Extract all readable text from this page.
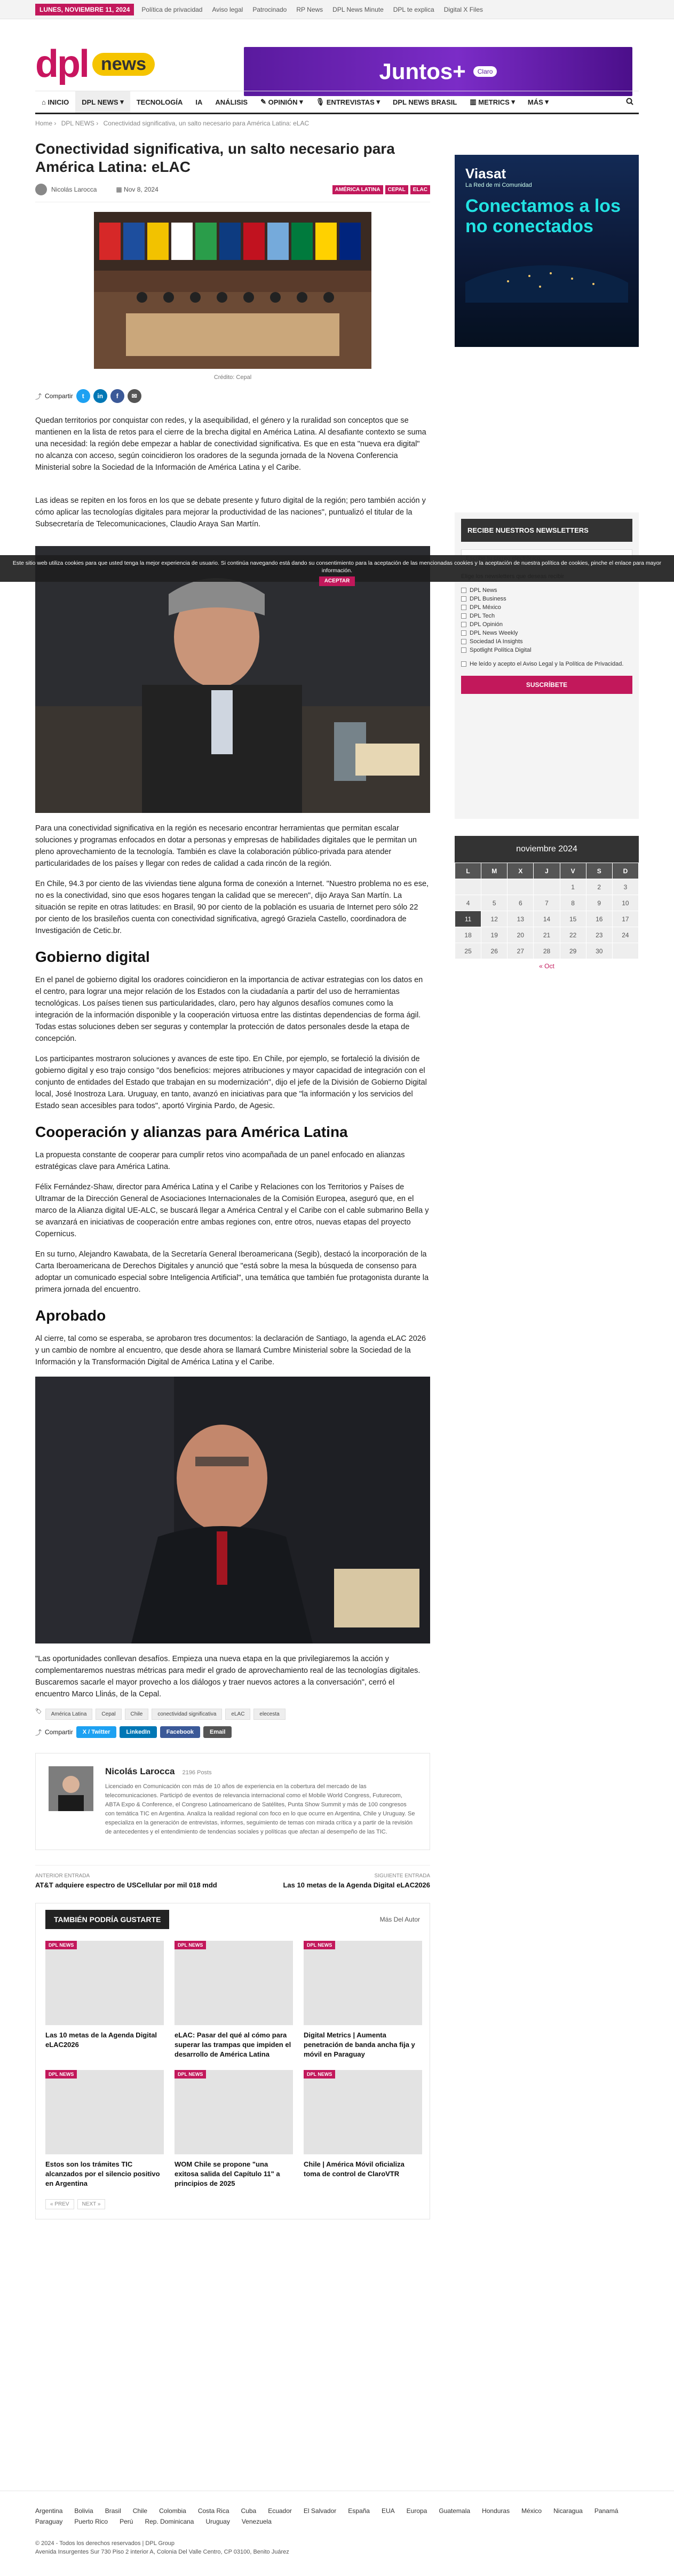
LUNES, NOVIEMBRE 11, 2024	Política de privacidad Aviso legal Patrocinado RP News DPL News Minute DPL te explica Digital X Files
dpl news	Juntos+	Claro
⌂ INICIO DPL NEWS ▾ TECNOLOGÍA IA ANÁLISIS ✎ OPINIÓN ▾ 🎙 ENTREVISTAS ▾ DPL NEWS BRASIL ▥ METRICS ▾ MÁS ▾
Home › DPL NEWS › Conectividad significativa, un salto necesario para América Latina: eLAC
Conectividad significativa, un salto necesario para América Latina: eLAC
Nicolás Larocca	▦ Nov 8, 2024	AMÉRICA LATINA	CEPAL	ELAC
Crédito: Cepal
⤴ Compartir	t	in	f	✉

Quedan territorios por conquistar con redes, y la asequibilidad, el género y la ruralidad son conceptos que se mantienen en la lista de retos para el cierre de la brecha digital en América Latina. Al desafiante contexto se suma una necesidad: la región debe empezar a hablar de conectividad significativa. Es que en esta "nueva era digital" no alcanza con acceso, según coincidieron los oradores de la segunda jornada de la Novena Conferencia Ministerial sobre la Sociedad de la Información de América Latina y el Caribe.

Las ideas se repiten en los foros en los que se debate presente y futuro digital de la región; pero también acción y cómo aplicar las tecnologías digitales para mejorar la productividad de las naciones", puntualizó el titular de la Subsecretaría de Telecomunicaciones, Claudio Araya San Martín.

Para una conectividad significativa en la región es necesario encontrar herramientas que permitan escalar soluciones y programas enfocados en dotar a personas y empresas de habilidades digitales que le permitan un pleno aprovechamiento de la tecnología. También es clave la colaboración público-privada para atender particularidades de los países y llegar con redes de calidad a cada rincón de la región.

En Chile, 94.3 por ciento de las viviendas tiene alguna forma de conexión a Internet. "Nuestro problema no es ese, no es la conectividad, sino que esos hogares tengan la calidad que se merecen", dijo Araya San Martín. La situación se repite en otras latitudes: en Brasil, 90 por ciento de la población es usuaria de Internet pero sólo 22 por ciento de los brasileños cuenta con conectividad significativa, agregó Graziela Castello, coordinadora de Investigación de Cetic.br.

Gobierno digital

En el panel de gobierno digital los oradores coincidieron en la importancia de activar estrategias con los datos en el centro, para lograr una mejor relación de los Estados con la ciudadanía a partir del uso de herramientas tecnológicas. Los países tienen sus particularidades, claro, pero hay algunos desafíos comunes como la integración de la información disponible y la cooperación virtuosa entre las distintas dependencias de forma ágil. Todas estas soluciones deben ser seguras y contemplar la protección de datos personales desde la etapa de concepción.

Los participantes mostraron soluciones y avances de este tipo. En Chile, por ejemplo, se fortaleció la división de gobierno digital y eso trajo consigo "dos beneficios: mejores atribuciones y mayor capacidad de integración con el conjunto de entidades del Estado que trabajan en su modernización", dijo el jefe de la División de Gobierno Digital local, José Inostroza Lara. Uruguay, en tanto, avanzó en iniciativas para que "la información y los servicios del Estado sean accesibles para todos", aportó Virginia Pardo, de Agesic.

Cooperación y alianzas para América Latina

La propuesta constante de cooperar para cumplir retos vino acompañada de un panel enfocado en alianzas estratégicas clave para América Latina.

Félix Fernández-Shaw, director para América Latina y el Caribe y Relaciones con los Territorios y Países de Ultramar de la Dirección General de Asociaciones Internacionales de la Comisión Europea, aseguró que, en el marco de la Alianza digital UE-ALC, se buscará llegar a América Central y el Caribe con el cable submarino Bella y se avanzará en iniciativas de cooperación entre ambas regiones con, entre otros, nuevas etapas del proyecto Copernicus.

En su turno, Alejandro Kawabata, de la Secretaría General Iberoamericana (Segib), destacó la incorporación de la Carta Iberoamericana de Derechos Digitales y anunció que "está sobre la mesa la búsqueda de consenso para adoptar un comunicado especial sobre Inteligencia Artificial", una temática que también fue protagonista durante la primera jornada del encuentro.

Aprobado

Al cierre, tal como se esperaba, se aprobaron tres documentos: la declaración de Santiago, la agenda eLAC 2026 y un cambio de nombre al encuentro, que desde ahora se llamará Cumbre Ministerial sobre la Sociedad de la Información y la Transformación Digital de América Latina y el Caribe.

"Las oportunidades conllevan desafíos. Empieza una nueva etapa en la que privilegiaremos la acción y complementaremos nuestras métricas para medir el grado de aprovechamiento real de las tecnologías digitales. Buscaremos sacarle el mayor provecho a los diálogos y traer nuevos actores a la conversación", cerró el encuentro Marco Llinás, de la Cepal.

🏷	América Latina	Cepal	Chile	conectividad significativa	eLAC	elecesta
⤴ Compartir	X / Twitter	LinkedIn	Facebook	Email
Nicolás Larocca 2196 Posts
Licenciado en Comunicación con más de 10 años de experiencia en la cobertura del mercado de las telecomunicaciones. Participó de eventos de relevancia internacional como el Mobile World Congress, Futurecom, ABTA Expo & Conference, el Congreso Latinoamericano de Satélites, Punta Show Summit y más de 100 congresos con temática TIC en Argentina. Analiza la realidad regional con foco en lo que ocurre en Argentina, Chile y Uruguay. Se especializa en la generación de entrevistas, informes, seguimiento de temas con mirada crítica y a partir de la revisión de antecedentes y el entendimiento de tendencias sociales y políticas que afectan al desempeño de las TIC.
ANTERIOR ENTRADA
AT&T adquiere espectro de USCellular por mil 018 mdd
SIGUIENTE ENTRADA
Las 10 metas de la Agenda Digital eLAC2026
TAMBIÉN PODRÍA GUSTARTE	Más Del Autor
DPL NEWS
Las 10 metas de la Agenda Digital eLAC2026
DPL NEWS
eLAC: Pasar del qué al cómo para superar las trampas que impiden el desarrollo de América Latina
DPL NEWS
Digital Metrics | Aumenta penetración de banda ancha fija y móvil en Paraguay
DPL NEWS
Estos son los trámites TIC alcanzados por el silencio positivo en Argentina
DPL NEWS
WOM Chile se propone "una exitosa salida del Capítulo 11" a principios de 2025
DPL NEWS
Chile | América Móvil oficializa toma de control de ClaroVTR
« PREV	NEXT »
Viasat
La Red de mi Comunidad
Conectamos a los no conectados
RECIBE NUESTROS NEWSLETTERS
DPL News
DPL Business
DPL México
DPL Tech
DPL Opinión
DPL News Weekly
Sociedad IA Insights
Spotlight Política Digital
He leído y acepto el Aviso Legal y la Política de Privacidad.
SUSCRÍBETE
noviembre 2024
L	M	X	J	V	S	D
				1	2	3
4	5	6	7	8	9	10
11	12	13	14	15	16	17
18	19	20	21	22	23	24
25	26	27	28	29	30	
« Oct
Este sitio web utiliza cookies para que usted tenga la mejor experiencia de usuario. Si continúa navegando está dando su consentimiento para la aceptación de las mencionadas cookies y la aceptación de nuestra política de cookies, pinche el enlace para mayor información.
ACEPTAR
Argentina Bolivia Brasil Chile Colombia Costa Rica Cuba Ecuador El Salvador España EUA Europa Guatemala Honduras México Nicaragua Panamá
Paraguay Puerto Rico Perú Rep. Dominicana Uruguay Venezuela
© 2024 - Todos los derechos reservados | DPL Group
Avenida Insurgentes Sur 730 Piso 2 interior A, Colonia Del Valle Centro, CP 03100, Benito Juárez
